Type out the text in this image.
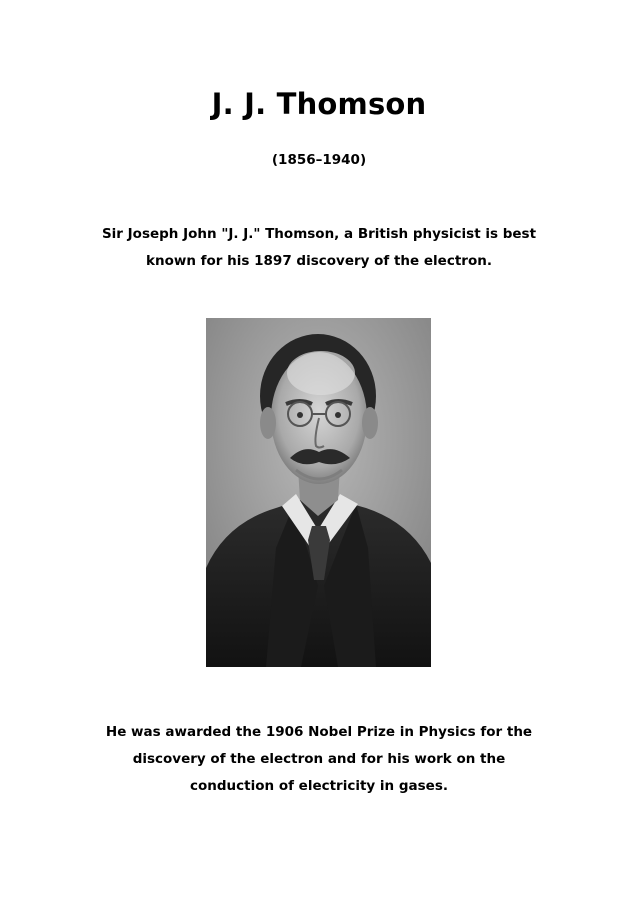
J. J. Thomson
(1856–1940)
Sir Joseph John "J. J." Thomson, a British physicist is best
known for his 1897 discovery of the electron.
He was awarded the 1906 Nobel Prize in Physics for the
discovery of the electron and for his work on the
conduction of electricity in gases.
